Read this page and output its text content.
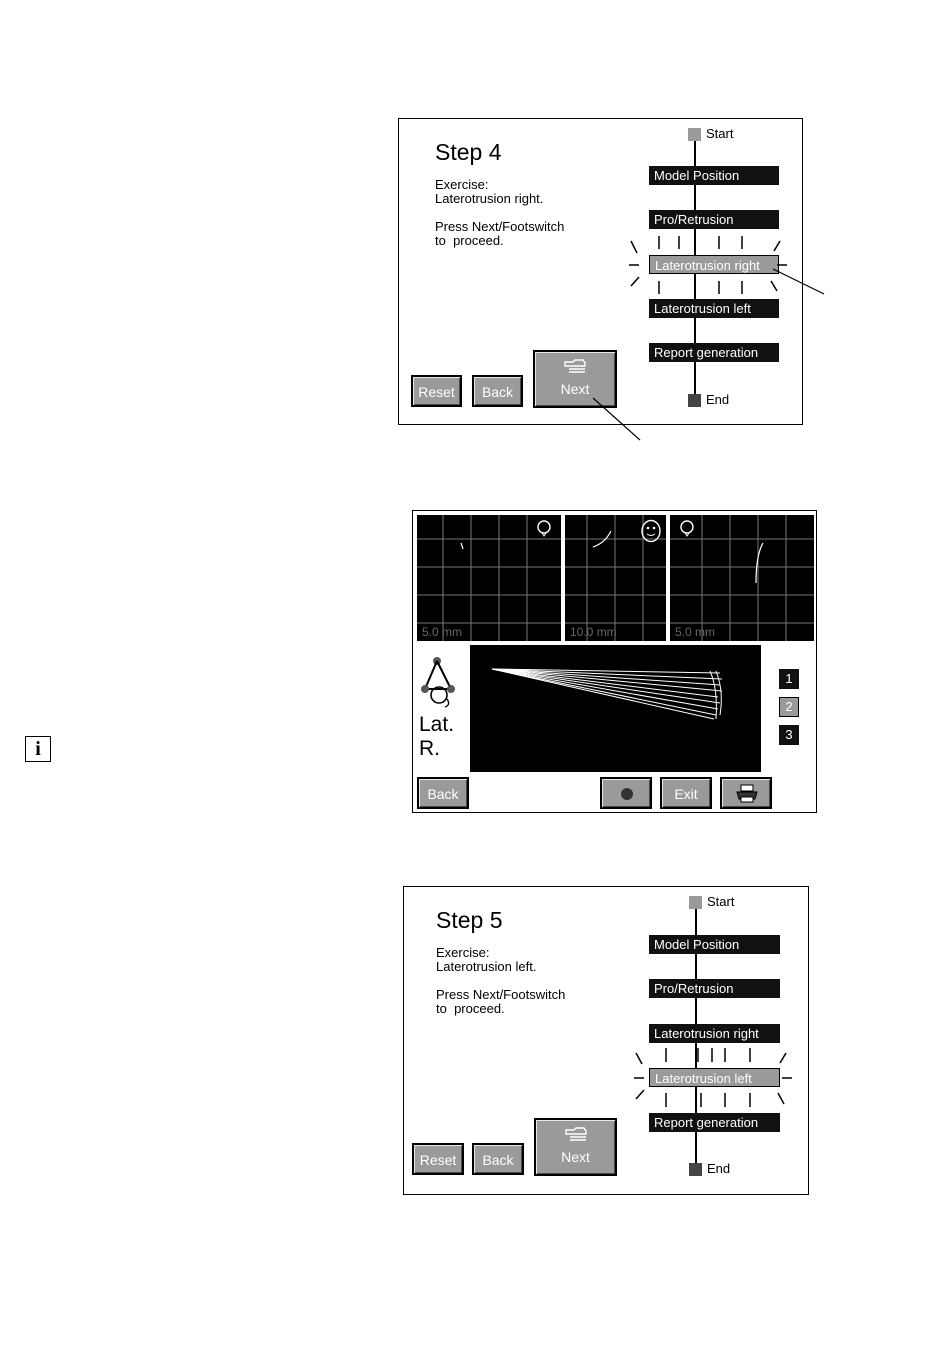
Step 4
Exercise:
Laterotrusion right.
Press Next/Footswitch
to  proceed.
Reset	Back	Next
Start
Model Position
Pro/Retrusion
Laterotrusion right
Laterotrusion left
Report generation
End
5.0 mm	10.0 mm	5.0 mm
Lat.
R.
1
2
3
Back	Exit
i
Step 5
Exercise:
Laterotrusion left.
Press Next/Footswitch
to  proceed.
Reset	Back	Next
Start
Model Position
Pro/Retrusion
Laterotrusion right
Laterotrusion left
Report generation
End
